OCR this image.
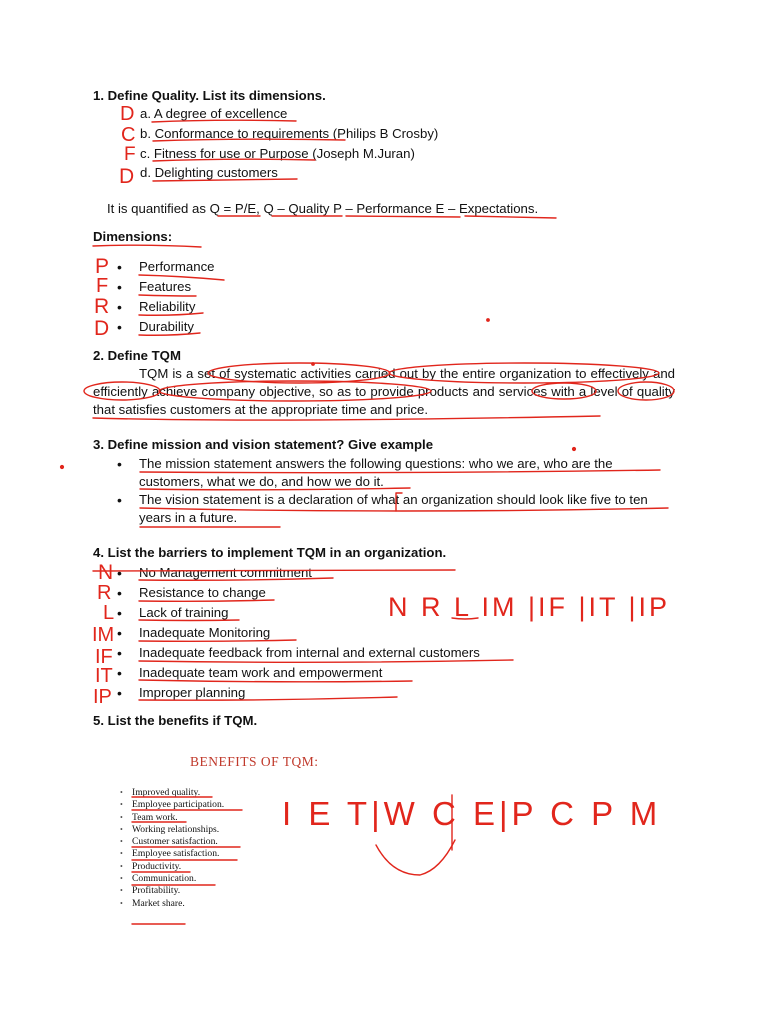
1. Define Quality. List its dimensions.
a. A degree of excellence
b. Conformance to requirements (Philips B Crosby)
c. Fitness for use or Purpose (Joseph M.Juran)
d. Delighting customers
It is quantified as Q = P/E, Q – Quality P – Performance E – Expectations.
Dimensions:
• Performance
• Features
• Reliability
• Durability
2. Define TQM
TQM is a set of systematic activities carried out by the entire organization to effectively and efficiently achieve company objective, so as to provide products and services with a level of quality that satisfies customers at the appropriate time and price.
3. Define mission and vision statement? Give example
• The mission statement answers the following questions: who we are, who are the customers, what we do, and how we do it.
• The vision statement is a declaration of what an organization should look like five to ten years in a future.
4. List the barriers to implement TQM in an organization.
• No Management commitment
• Resistance to change
• Lack of training
• Inadequate Monitoring
• Inadequate feedback from internal and external customers
• Inadequate team work and empowerment
• Improper planning
5. List the benefits if TQM.
BENEFITS OF TQM:
• Improved quality.
• Employee participation.
• Team work.
• Working relationships.
• Customer satisfaction.
• Employee satisfaction.
• Productivity.
• Communication.
• Profitability.
• Market share.
D
C
F
D
P
F
R
D
N
R
L
IM
IF
IT
IP
N R L IM |IF |IT |IP
I E T|W C E|P C P M
